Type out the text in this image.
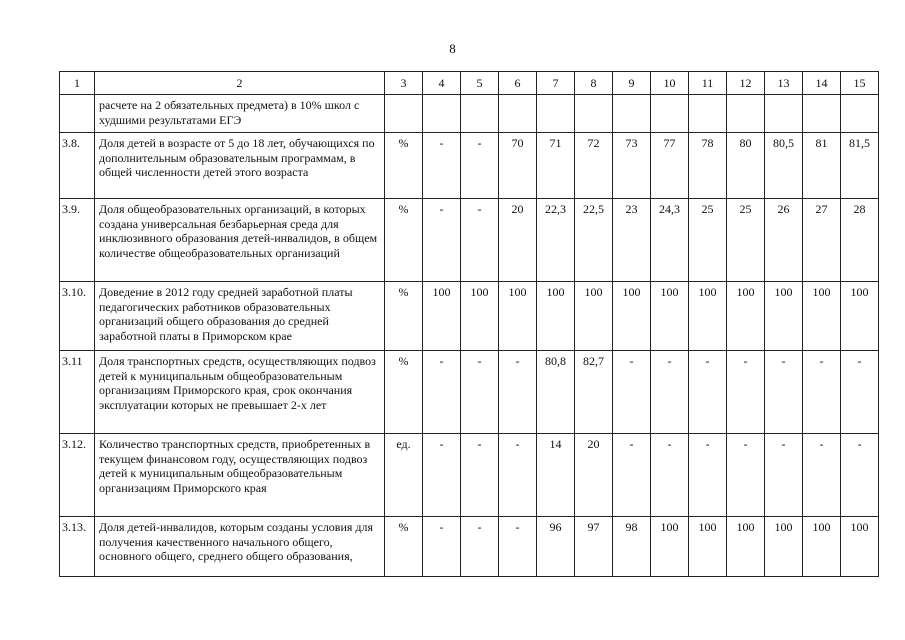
8
1	2	3	4	5	6	7	8	9	10	11	12	13	14	15
	расчете на 2 обязательных предмета) в 10% школ с худшими результатами ЕГЭ													
3.8.	Доля детей в возрасте от 5 до 18 лет, обучающихся по дополнительным образовательным программам, в общей численности детей этого возраста	%	-	-	70	71	72	73	77	78	80	80,5	81	81,5
3.9.	Доля общеобразовательных организаций, в которых создана универсальная безбарьерная среда для инклюзивного образования детей-инвалидов, в общем количестве общеобразовательных организаций	%	-	-	20	22,3	22,5	23	24,3	25	25	26	27	28
3.10.	Доведение в 2012 году средней заработной платы педагогических работников образовательных организаций общего образования до средней заработной платы в Приморском крае	%	100	100	100	100	100	100	100	100	100	100	100	100
3.11	Доля транспортных средств, осуществляющих подвоз детей к муниципальным общеобразовательным организациям Приморского края, срок окончания эксплуатации которых не превышает 2-х лет	%	-	-	-	80,8	82,7	-	-	-	-	-	-	-
3.12.	Количество транспортных средств, приобретенных в текущем финансовом году, осуществляющих подвоз детей к муниципальным общеобразовательным организациям Приморского края	ед.	-	-	-	14	20	-	-	-	-	-	-	-
3.13.	Доля детей-инвалидов, которым созданы условия для получения качественного начального общего, основного общего, среднего общего образования,	%	-	-	-	96	97	98	100	100	100	100	100	100
